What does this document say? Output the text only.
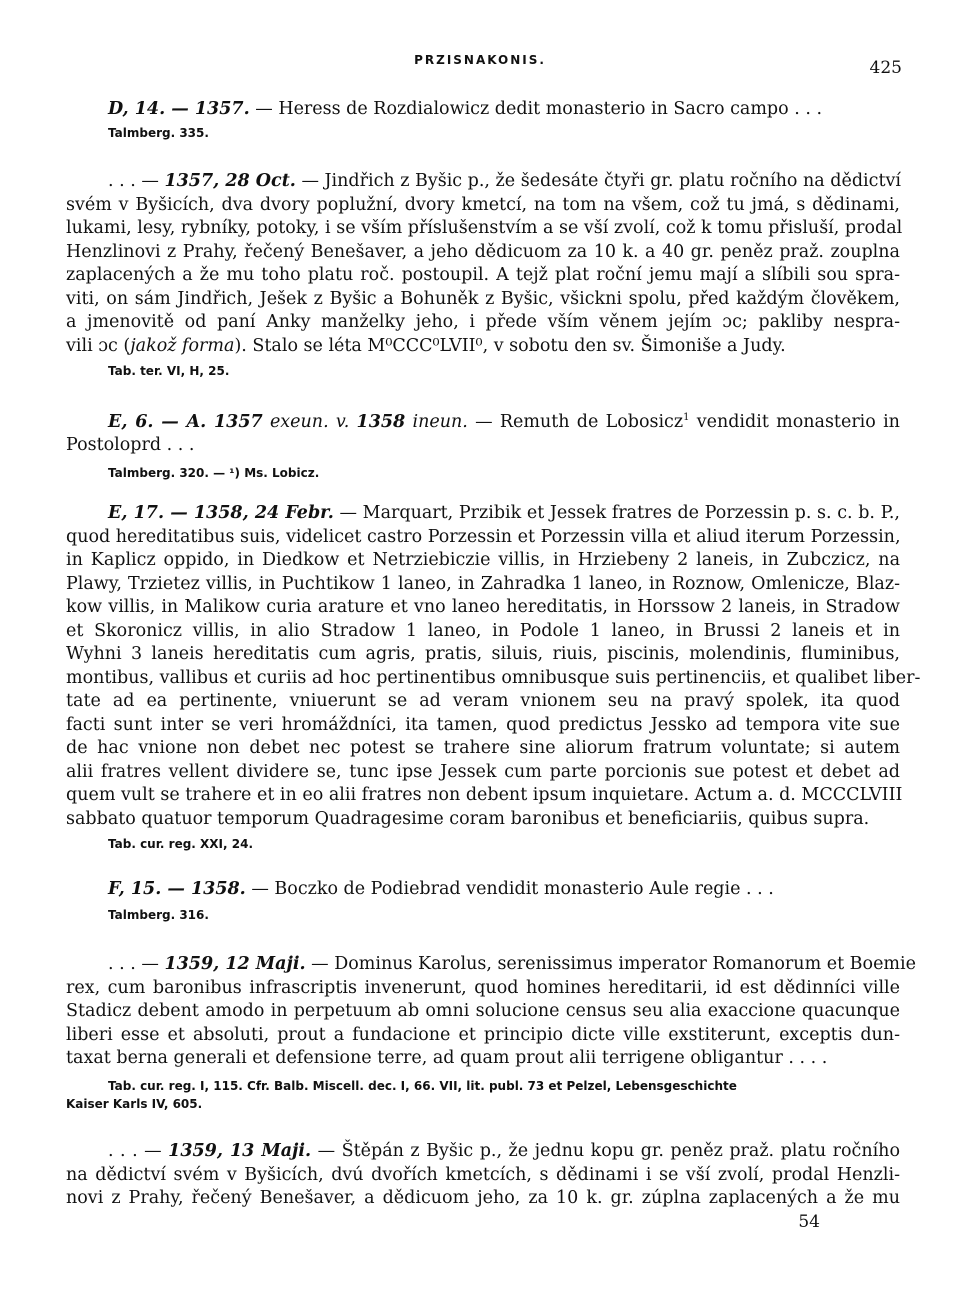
PRZISNAKONIS.	425
D, 14. — 1357. — Heress de Rozdialowicz dedit monasterio in Sacro campo . . .
Talmberg. 335.
. . . — 1357, 28 Oct. — Jindřich z Byšic p., že šedesáte čtyři gr. platu ročního na dědictví
svém v Byšicích, dva dvory poplužní, dvory kmetcí, na tom na všem, což tu jmá, s dědinami,
lukami, lesy, rybníky, potoky, i se vším příslušenstvím a se vší zvolí, což k tomu přisluší, prodal
Henzlinovi z Prahy, řečený Benešaver, a jeho dědicuom za 10 k. a 40 gr. peněz praž. zouplna
zaplacených a že mu toho platu roč. postoupil. A tejž plat roční jemu mají a slíbili sou spra-
viti, on sám Jindřich, Ješek z Byšic a Bohuněk z Byšic, všickni spolu, před každým člověkem,
a jmenovitě od paní Anky manželky jeho, i přede vším věnem jejím ɔc; pakliby nespra-
vili ɔc (jakož forma). Stalo se léta M⁰CCC⁰LVII⁰, v sobotu den sv. Šimoniše a Judy.
Tab. ter. VI, H, 25.
E, 6. — A. 1357 exeun. v. 1358 ineun. — Remuth de Lobosicz$^1$ vendidit monasterio in
Postoloprd . . .
Talmberg. 320. — ¹) Ms. Lobicz.
E, 17. — 1358, 24 Febr. — Marquart, Przibik et Jessek fratres de Porzessin p. s. c. b. P.,
quod hereditatibus suis, videlicet castro Porzessin et Porzessin villa et aliud iterum Porzessin,
in Kaplicz oppido, in Diedkow et Netrziebiczie villis, in Hrziebeny 2 laneis, in Zubczicz, na
Plawy, Trzietez villis, in Puchtikow 1 laneo, in Zahradka 1 laneo, in Roznow, Omlenicze, Blaz-
kow villis, in Malikow curia arature et vno laneo hereditatis, in Horssow 2 laneis, in Stradow
et Skoronicz villis, in alio Stradow 1 laneo, in Podole 1 laneo, in Brussi 2 laneis et in
Wyhni 3 laneis hereditatis cum agris, pratis, siluis, riuis, piscinis, molendinis, fluminibus,
montibus, vallibus et curiis ad hoc pertinentibus omnibusque suis pertinenciis, et qualibet liber-
tate ad ea pertinente, vniuerunt se ad veram vnionem seu na pravý spolek, ita quod
facti sunt inter se veri hromáždníci, ita tamen, quod predictus Jessko ad tempora vite sue
de hac vnione non debet nec potest se trahere sine aliorum fratrum voluntate; si autem
alii fratres vellent dividere se, tunc ipse Jessek cum parte porcionis sue potest et debet ad
quem vult se trahere et in eo alii fratres non debent ipsum inquietare. Actum a. d. MCCCLVIII
sabbato quatuor temporum Quadragesime coram baronibus et beneficiariis, quibus supra.
Tab. cur. reg. XXI, 24.
F, 15. — 1358. — Boczko de Podiebrad vendidit monasterio Aule regie . . .
Talmberg. 316.
. . . — 1359, 12 Maji. — Dominus Karolus, serenissimus imperator Romanorum et Boemie
rex, cum baronibus infrascriptis invenerunt, quod homines hereditarii, id est dědinníci ville
Stadicz debent amodo in perpetuum ab omni solucione census seu alia exaccione quacunque
liberi esse et absoluti, prout a fundacione et principio dicte ville exstiterunt, exceptis dun-
taxat berna generali et defensione terre, ad quam prout alii terrigene obligantur . . . .
Tab. cur. reg. I, 115. Cfr. Balb. Miscell. dec. I, 66. VII, lit. publ. 73 et Pelzel, Lebensgeschichte
Kaiser Karls IV, 605.
. . . — 1359, 13 Maji. — Štěpán z Byšic p., že jednu kopu gr. peněz praž. platu ročního
na dědictví svém v Byšicích, dvú dvořích kmetcích, s dědinami i se vší zvolí, prodal Henzli-
novi z Prahy, řečený Benešaver, a dědicuom jeho, za 10 k. gr. zúplna zaplacených a že mu
54
